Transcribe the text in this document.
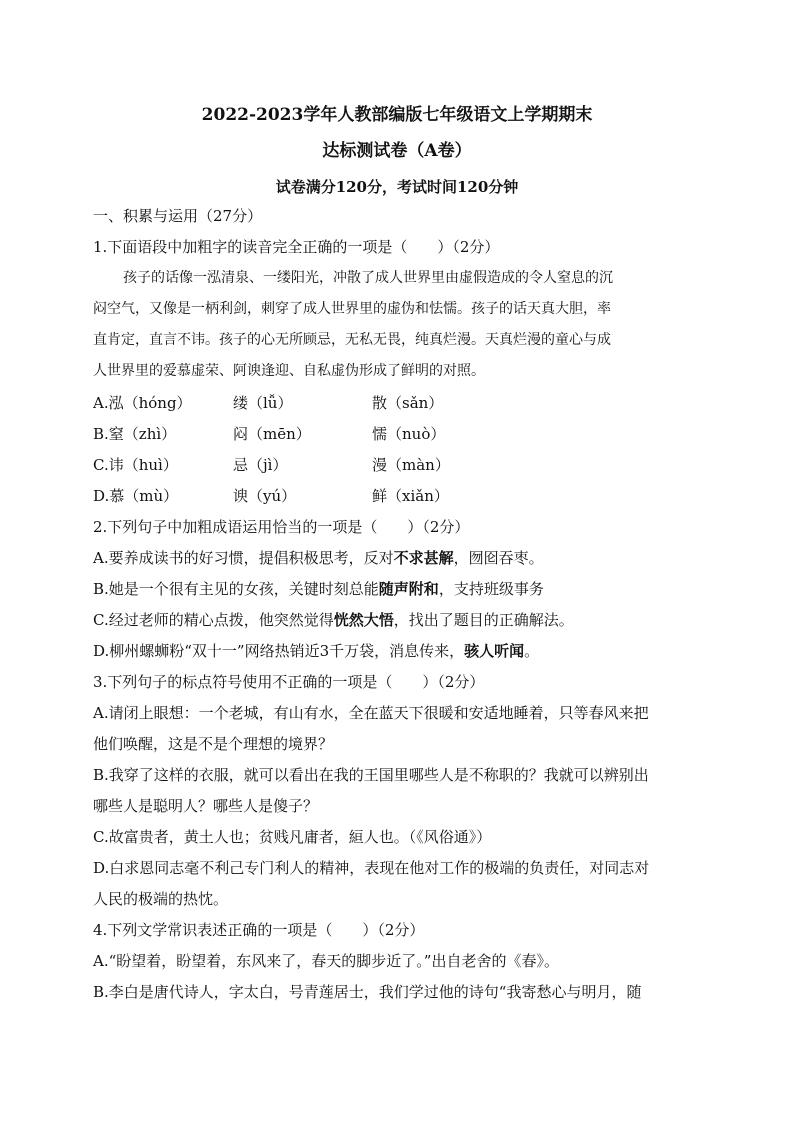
2022-2023学年人教部编版七年级语文上学期期末
达标测试卷（A卷）
试卷满分120分，考试时间120分钟
一、积累与运用（27分）
1.下面语段中加粗字的读音完全正确的一项是（　　）（2分）
孩子的话像一泓清泉、一缕阳光，冲散了成人世界里由虚假造成的令人窒息的沉
闷空气，又像是一柄利剑，刺穿了成人世界里的虚伪和怯懦。孩子的话天真大胆，率
直肯定，直言不讳。孩子的心无所顾忌，无私无畏，纯真烂漫。天真烂漫的童心与成
人世界里的爱慕虚荣、阿谀逢迎、自私虚伪形成了鲜明的对照。
A.泓（hóng）	缕（lǚ）	散（sǎn）
B.窒（zhì）	闷（mēn）	懦（nuò）
C.讳（huì）	忌（jì）	漫（màn）
D.慕（mù）	谀（yú）	鲜（xiǎn）
2.下列句子中加粗成语运用恰当的一项是（　　）（2分）
A.要养成读书的好习惯，提倡积极思考，反对不求甚解，囫囵吞枣。
B.她是一个很有主见的女孩，关键时刻总能随声附和，支持班级事务
C.经过老师的精心点拨，他突然觉得恍然大悟，找出了题目的正确解法。
D.柳州螺蛳粉“双十一”网络热销近3千万袋，消息传来，骇人听闻。
3.下列句子的标点符号使用不正确的一项是（　　）（2分）
A.请闭上眼想：一个老城，有山有水，全在蓝天下很暖和安适地睡着，只等春风来把
他们唤醒，这是不是个理想的境界？
B.我穿了这样的衣服，就可以看出在我的王国里哪些人是不称职的？我就可以辨别出
哪些人是聪明人？哪些人是傻子？
C.故富贵者，黄土人也；贫贱凡庸者，絙人也。（《风俗通》）
D.白求恩同志毫不利己专门利人的精神，表现在他对工作的极端的负责任，对同志对
人民的极端的热忱。
4.下列文学常识表述正确的一项是（　　）（2分）
A.“盼望着，盼望着，东风来了，春天的脚步近了。”出自老舍的《春》。
B.李白是唐代诗人，字太白，号青莲居士，我们学过他的诗句“我寄愁心与明月，随
